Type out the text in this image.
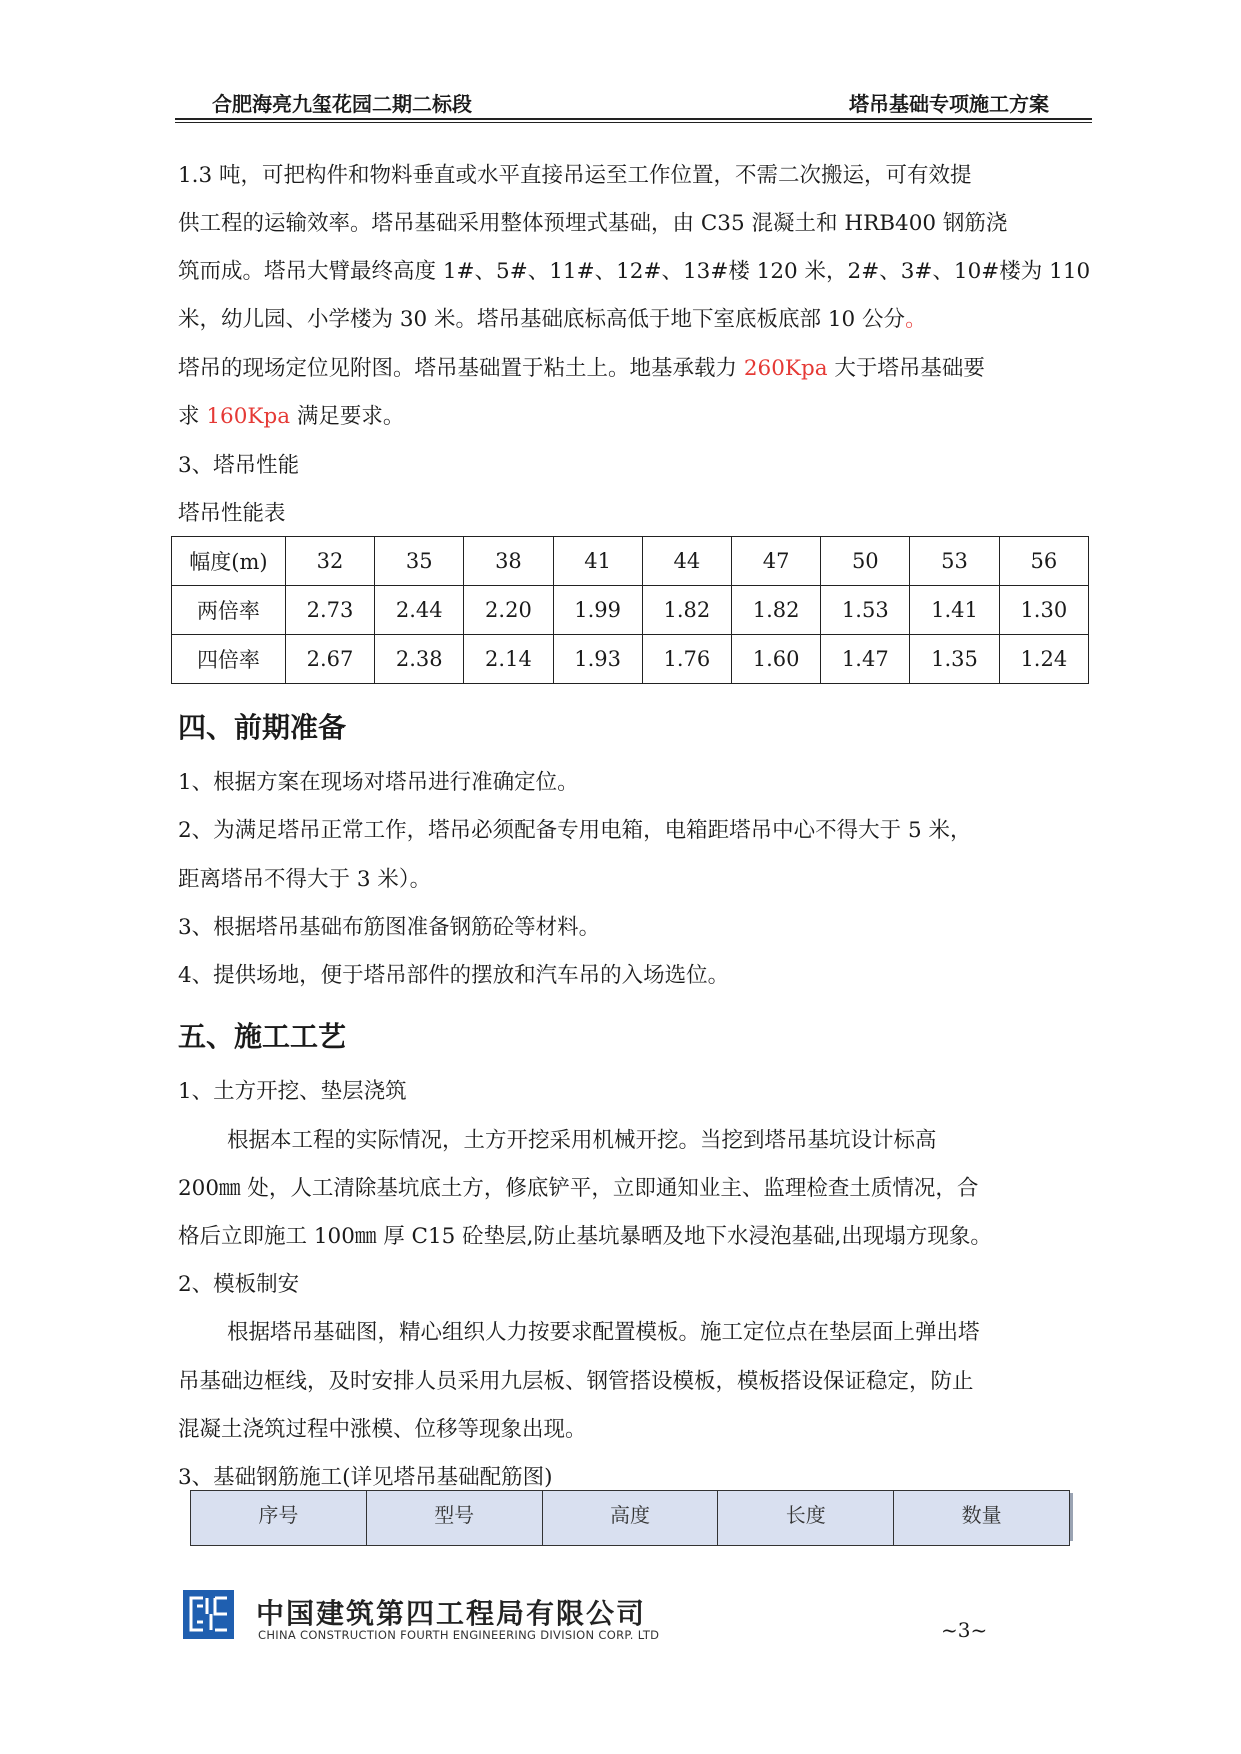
合肥海亮九玺花园二期二标段	塔吊基础专项施工方案
1.3 吨，可把构件和物料垂直或水平直接吊运至工作位置，不需二次搬运，可有效提
供工程的运输效率。塔吊基础采用整体预埋式基础，由 C35 混凝土和 HRB400 钢筋浇
筑而成。塔吊大臂最终高度 1#、5#、11#、12#、13#楼 120 米，2#、3#、10#楼为 110
米，幼儿园、小学楼为 30 米。塔吊基础底标高低于地下室底板底部 10 公分。
塔吊的现场定位见附图。塔吊基础置于粘土上。地基承载力 260Kpa 大于塔吊基础要
求 160Kpa 满足要求。
3、塔吊性能
塔吊性能表
幅度(m)	32	35	38	41	44	47	50	53	56
两倍率	2.73	2.44	2.20	1.99	1.82	1.82	1.53	1.41	1.30
四倍率	2.67	2.38	2.14	1.93	1.76	1.60	1.47	1.35	1.24
四、前期准备
1、根据方案在现场对塔吊进行准确定位。
2、为满足塔吊正常工作，塔吊必须配备专用电箱，电箱距塔吊中心不得大于 5 米，
距离塔吊不得大于 3 米）。
3、根据塔吊基础布筋图准备钢筋砼等材料。
4、提供场地，便于塔吊部件的摆放和汽车吊的入场选位。
五、施工工艺
1、土方开挖、垫层浇筑
根据本工程的实际情况，土方开挖采用机械开挖。当挖到塔吊基坑设计标高
200㎜ 处，人工清除基坑底土方，修底铲平，立即通知业主、监理检查土质情况，合
格后立即施工 100㎜ 厚 C15 砼垫层,防止基坑暴晒及地下水浸泡基础,出现塌方现象。
2、模板制安
根据塔吊基础图，精心组织人力按要求配置模板。施工定位点在垫层面上弹出塔
吊基础边框线，及时安排人员采用九层板、钢管搭设模板，模板搭设保证稳定，防止
混凝土浇筑过程中涨模、位移等现象出现。
3、基础钢筋施工(详见塔吊基础配筋图)
序号	型号	高度	长度	数量
中国建筑第四工程局有限公司
CHINA CONSTRUCTION FOURTH ENGINEERING DIVISION CORP. LTD	~3~
